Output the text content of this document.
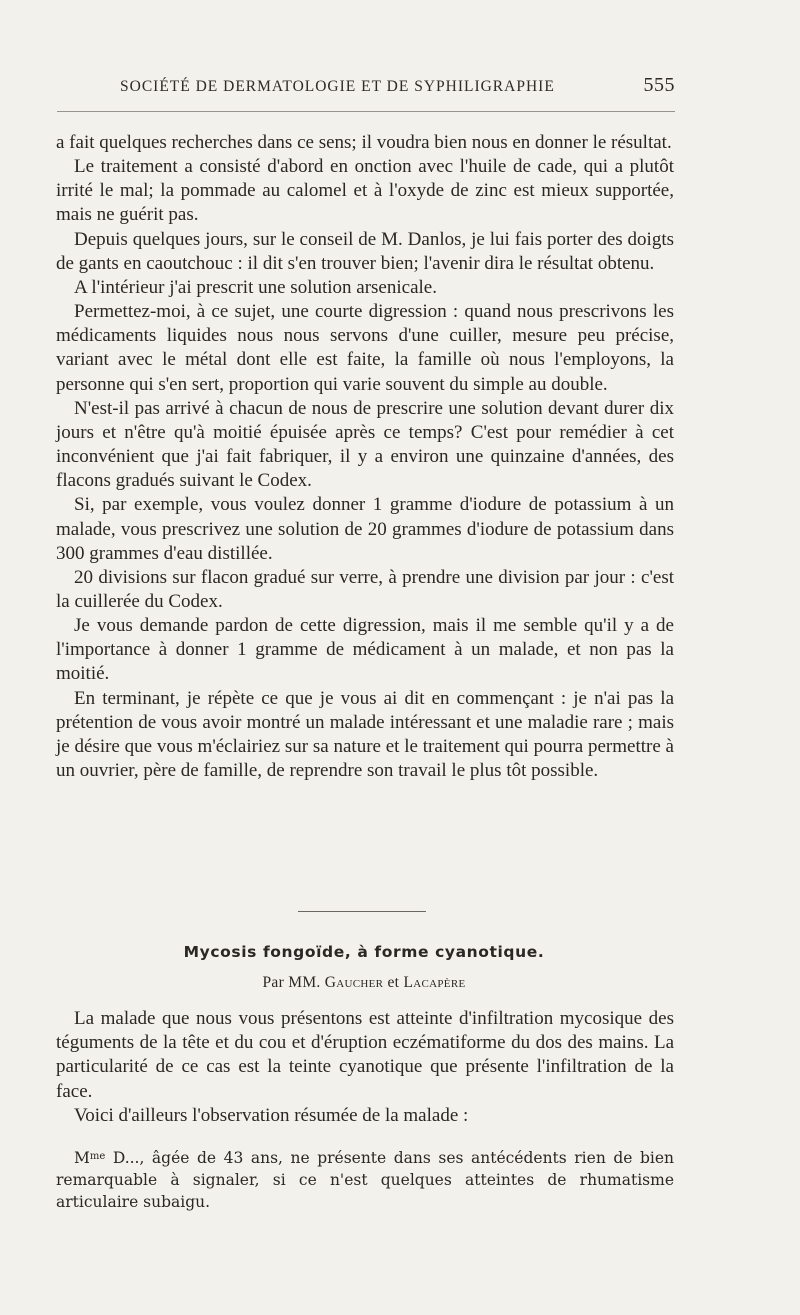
SOCIÉTÉ DE DERMATOLOGIE ET DE SYPHILIGRAPHIE	555

a fait quelques recherches dans ce sens; il voudra bien nous en donner le résultat.

Le traitement a consisté d'abord en onction avec l'huile de cade, qui a plutôt irrité le mal; la pommade au calomel et à l'oxyde de zinc est mieux supportée, mais ne guérit pas.

Depuis quelques jours, sur le conseil de M. Danlos, je lui fais porter des doigts de gants en caoutchouc : il dit s'en trouver bien; l'avenir dira le résultat obtenu.

A l'intérieur j'ai prescrit une solution arsenicale.

Permettez-moi, à ce sujet, une courte digression : quand nous prescrivons les médicaments liquides nous nous servons d'une cuiller, mesure peu précise, variant avec le métal dont elle est faite, la famille où nous l'employons, la personne qui s'en sert, proportion qui varie souvent du simple au double.

N'est-il pas arrivé à chacun de nous de prescrire une solution devant durer dix jours et n'être qu'à moitié épuisée après ce temps? C'est pour remédier à cet inconvénient que j'ai fait fabriquer, il y a environ une quinzaine d'années, des flacons gradués suivant le Codex.

Si, par exemple, vous voulez donner 1 gramme d'iodure de potassium à un malade, vous prescrivez une solution de 20 grammes d'iodure de potassium dans 300 grammes d'eau distillée.

20 divisions sur flacon gradué sur verre, à prendre une division par jour : c'est la cuillerée du Codex.

Je vous demande pardon de cette digression, mais il me semble qu'il y a de l'importance à donner 1 gramme de médicament à un malade, et non pas la moitié.

En terminant, je répète ce que je vous ai dit en commençant : je n'ai pas la prétention de vous avoir montré un malade intéressant et une maladie rare ; mais je désire que vous m'éclairiez sur sa nature et le traitement qui pourra permettre à un ouvrier, père de famille, de reprendre son travail le plus tôt possible.

Mycosis fongoïde, à forme cyanotique.
Par MM. Gaucher et Lacapère

La malade que nous vous présentons est atteinte d'infiltration mycosique des téguments de la tête et du cou et d'éruption eczématiforme du dos des mains. La particularité de ce cas est la teinte cyanotique que présente l'infiltration de la face.

Voici d'ailleurs l'observation résumée de la malade :

$M^{me}$ D..., âgée de 43 ans, ne présente dans ses antécédents rien de bien remarquable à signaler, si ce n'est quelques atteintes de rhumatisme articulaire subaigu.
